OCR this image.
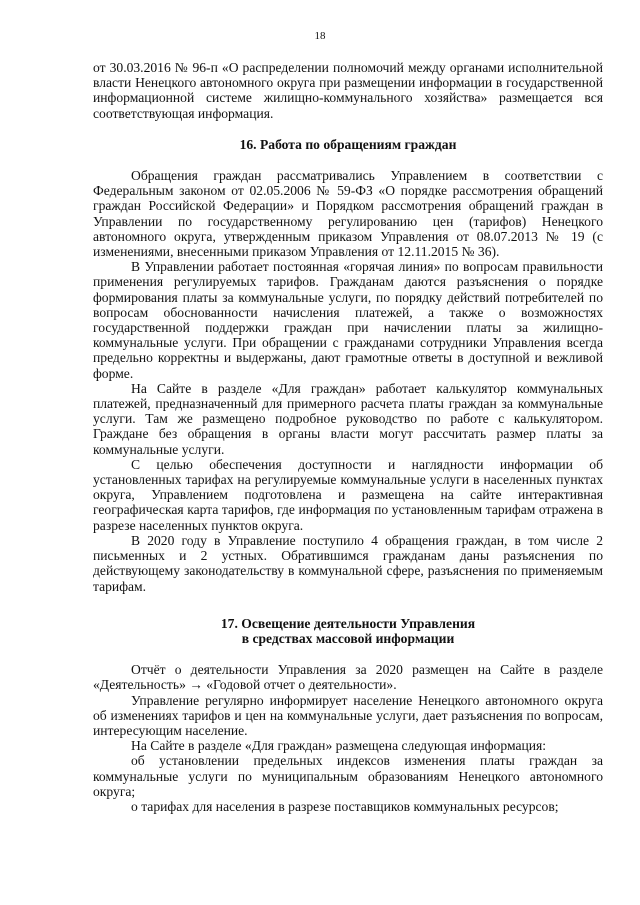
18

от 30.03.2016 № 96-п «О распределении полномочий между органами исполнительной власти Ненецкого автономного округа при размещении информации в государственной информационной системе жилищно-коммунального хозяйства» размещается вся соответствующая информация.

16. Работа по обращениям граждан

Обращения граждан рассматривались Управлением в соответствии с Федеральным законом от 02.05.2006 № 59-ФЗ «О порядке рассмотрения обращений граждан Российской Федерации» и Порядком рассмотрения обращений граждан в Управлении по государственному регулированию цен (тарифов) Ненецкого автономного округа, утвержденным приказом Управления от 08.07.2013 № 19 (с изменениями, внесенными приказом Управления от 12.11.2015 № 36).

В Управлении работает постоянная «горячая линия» по вопросам правильности применения регулируемых тарифов. Гражданам даются разъяснения о порядке формирования платы за коммунальные услуги, по порядку действий потребителей по вопросам обоснованности начисления платежей, а также о возможностях государственной поддержки граждан при начислении платы за жилищно-коммунальные услуги. При обращении с гражданами сотрудники Управления всегда предельно корректны и выдержаны, дают грамотные ответы в доступной и вежливой форме.

На Сайте в разделе «Для граждан» работает калькулятор коммунальных платежей, предназначенный для примерного расчета платы граждан за коммунальные услуги. Там же размещено подробное руководство по работе с калькулятором. Граждане без обращения в органы власти могут рассчитать размер платы за коммунальные услуги.

С целью обеспечения доступности и наглядности информации об установленных тарифах на регулируемые коммунальные услуги в населенных пунктах округа, Управлением подготовлена и размещена на сайте интерактивная географическая карта тарифов, где информация по установленным тарифам отражена в разрезе населенных пунктов округа.

В 2020 году в Управление поступило 4 обращения граждан, в том числе 2 письменных и 2 устных. Обратившимся гражданам даны разъяснения по действующему законодательству в коммунальной сфере, разъяснения по применяемым тарифам.

17. Освещение деятельности Управления
в средствах массовой информации

Отчёт о деятельности Управления за 2020 размещен на Сайте в разделе «Деятельность» → «Годовой отчет о деятельности».

Управление регулярно информирует население Ненецкого автономного округа об изменениях тарифов и цен на коммунальные услуги, дает разъяснения по вопросам, интересующим население.

На Сайте в разделе «Для граждан» размещена следующая информация:

об установлении предельных индексов изменения платы граждан за коммунальные услуги по муниципальным образованиям Ненецкого автономного округа;

о тарифах для населения в разрезе поставщиков коммунальных ресурсов;
